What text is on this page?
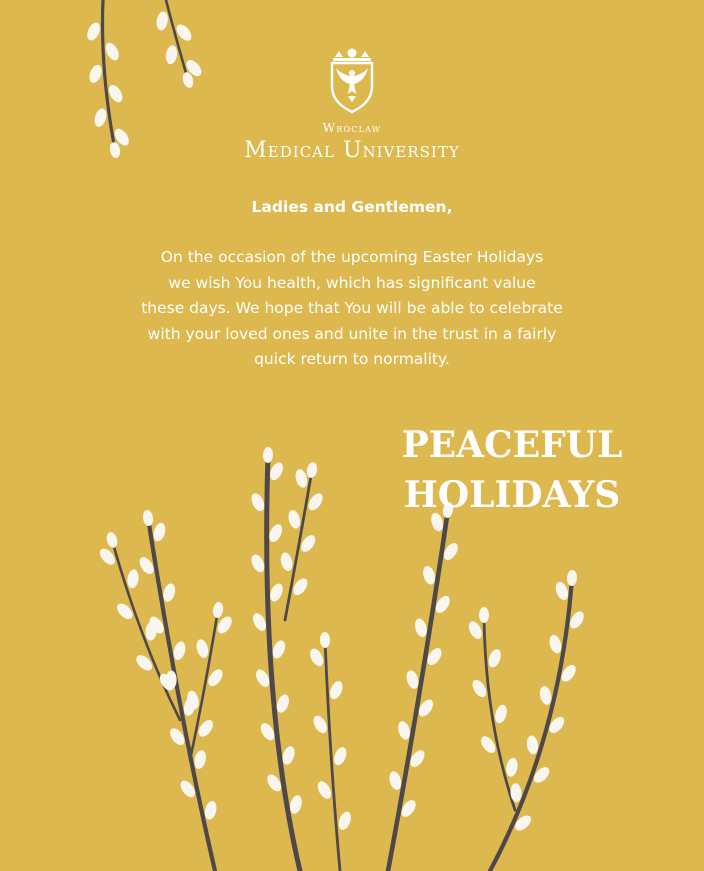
Wroclaw
Medical University
Ladies and Gentlemen,
On the occasion of the upcoming Easter Holidays
we wish You health, which has significant value
these days. We hope that You will be able to celebrate
with your loved ones and unite in the trust in a fairly
quick return to normality.
PEACEFUL
HOLIDAYS
